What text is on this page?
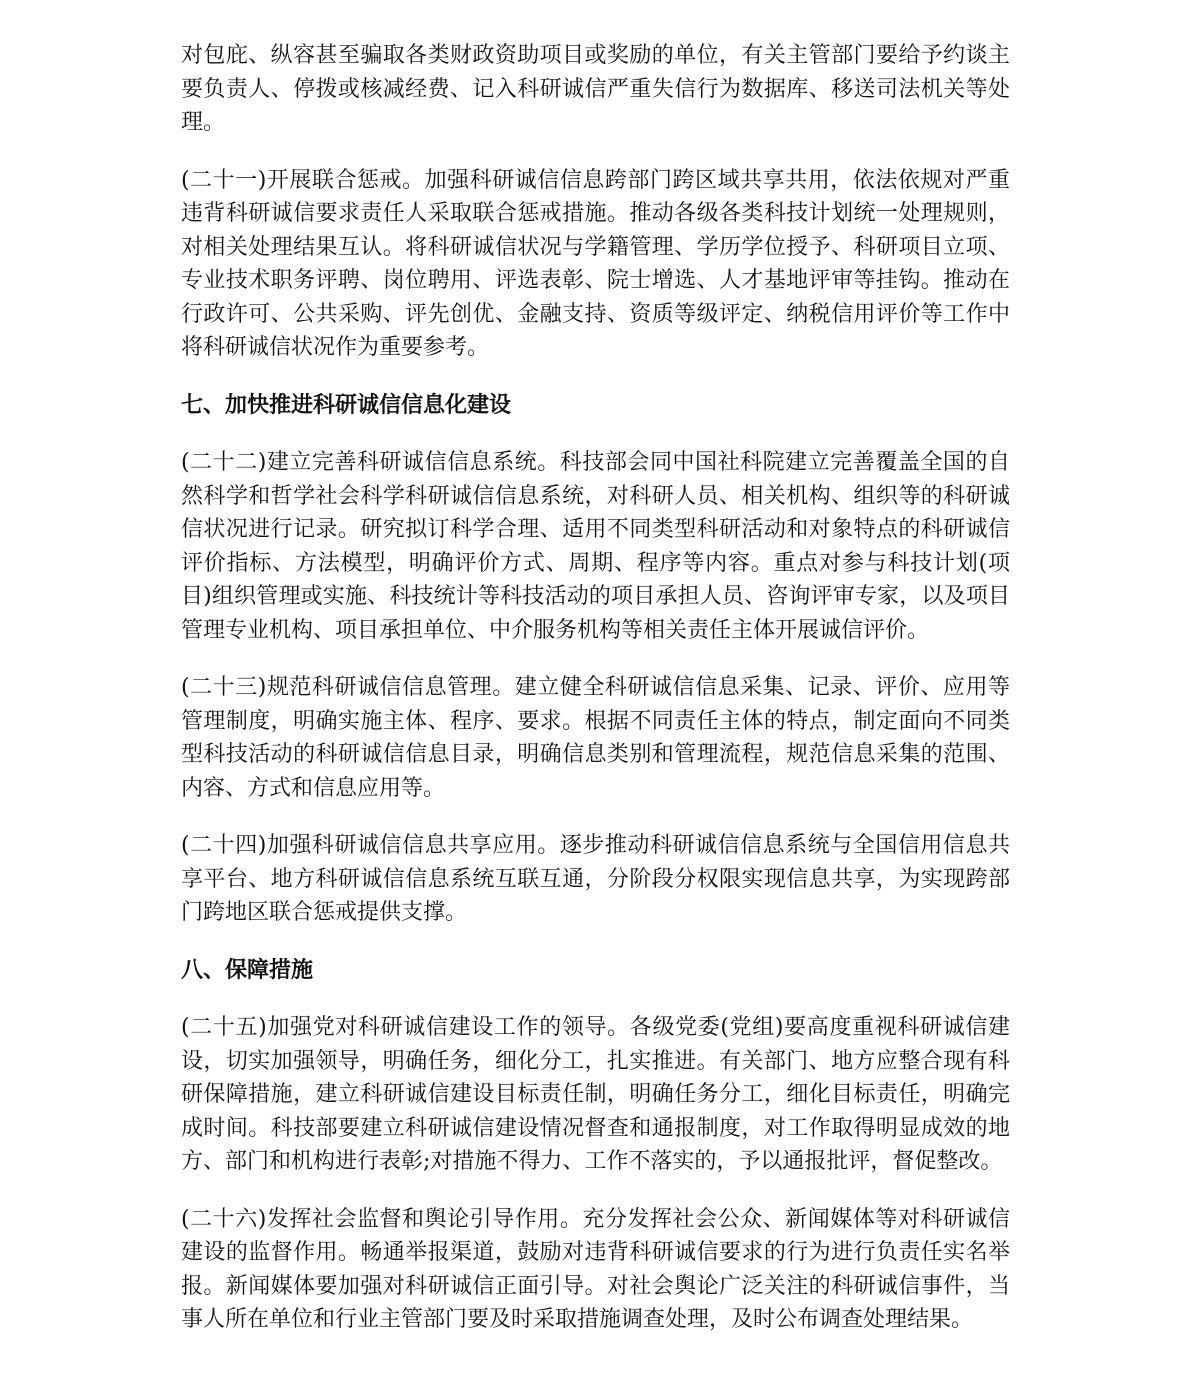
对包庇、纵容甚至骗取各类财政资助项目或奖励的单位，有关主管部门要给予约谈主要负责人、停拨或核减经费、记入科研诚信严重失信行为数据库、移送司法机关等处理。

(二十一)开展联合惩戒。加强科研诚信信息跨部门跨区域共享共用，依法依规对严重违背科研诚信要求责任人采取联合惩戒措施。推动各级各类科技计划统一处理规则，对相关处理结果互认。将科研诚信状况与学籍管理、学历学位授予、科研项目立项、专业技术职务评聘、岗位聘用、评选表彰、院士增选、人才基地评审等挂钩。推动在行政许可、公共采购、评先创优、金融支持、资质等级评定、纳税信用评价等工作中将科研诚信状况作为重要参考。

七、加快推进科研诚信信息化建设

(二十二)建立完善科研诚信信息系统。科技部会同中国社科院建立完善覆盖全国的自然科学和哲学社会科学科研诚信信息系统，对科研人员、相关机构、组织等的科研诚信状况进行记录。研究拟订科学合理、适用不同类型科研活动和对象特点的科研诚信评价指标、方法模型，明确评价方式、周期、程序等内容。重点对参与科技计划(项目)组织管理或实施、科技统计等科技活动的项目承担人员、咨询评审专家，以及项目管理专业机构、项目承担单位、中介服务机构等相关责任主体开展诚信评价。

(二十三)规范科研诚信信息管理。建立健全科研诚信信息采集、记录、评价、应用等管理制度，明确实施主体、程序、要求。根据不同责任主体的特点，制定面向不同类型科技活动的科研诚信信息目录，明确信息类别和管理流程，规范信息采集的范围、内容、方式和信息应用等。

(二十四)加强科研诚信信息共享应用。逐步推动科研诚信信息系统与全国信用信息共享平台、地方科研诚信信息系统互联互通，分阶段分权限实现信息共享，为实现跨部门跨地区联合惩戒提供支撑。

八、保障措施

(二十五)加强党对科研诚信建设工作的领导。各级党委(党组)要高度重视科研诚信建设，切实加强领导，明确任务，细化分工，扎实推进。有关部门、地方应整合现有科研保障措施，建立科研诚信建设目标责任制，明确任务分工，细化目标责任，明确完成时间。科技部要建立科研诚信建设情况督查和通报制度，对工作取得明显成效的地方、部门和机构进行表彰;对措施不得力、工作不落实的，予以通报批评，督促整改。

(二十六)发挥社会监督和舆论引导作用。充分发挥社会公众、新闻媒体等对科研诚信建设的监督作用。畅通举报渠道，鼓励对违背科研诚信要求的行为进行负责任实名举报。新闻媒体要加强对科研诚信正面引导。对社会舆论广泛关注的科研诚信事件，当事人所在单位和行业主管部门要及时采取措施调查处理，及时公布调查处理结果。
